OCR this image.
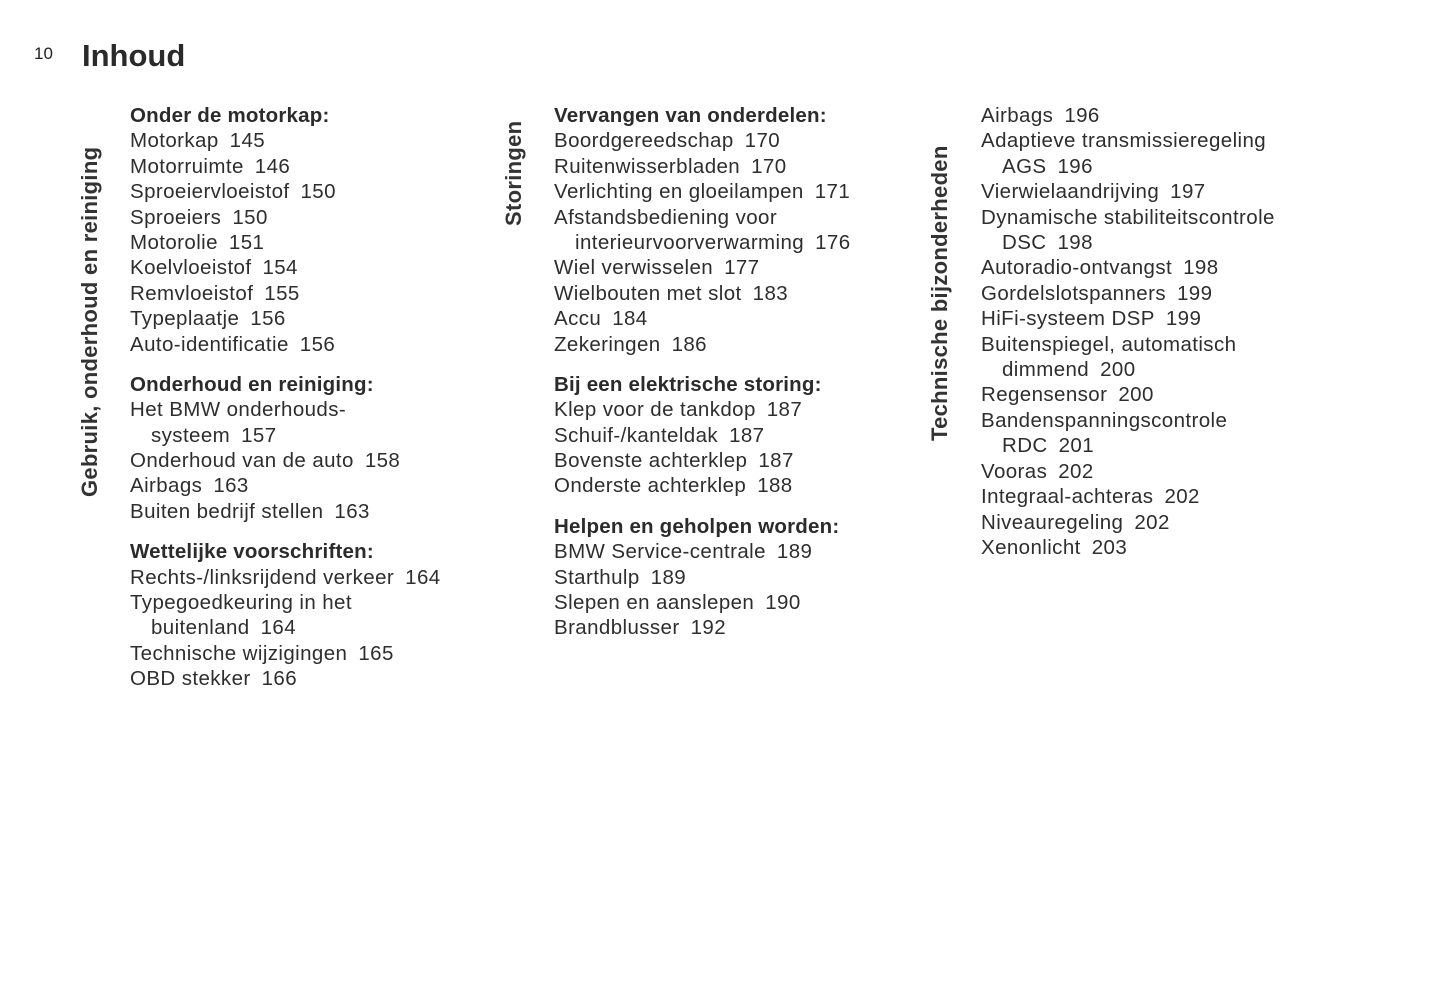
10 Inhoud
Gebruik, onderhoud en reiniging	Storingen	Technische bijzonderheden
Onder de motorkap:
Motorkap 145
Motorruimte 146
Sproeiervloeistof 150
Sproeiers 150
Motorolie 151
Koelvloeistof 154
Remvloeistof 155
Typeplaatje 156
Auto-identificatie 156
Onderhoud en reiniging:
Het BMW onderhouds-
systeem 157
Onderhoud van de auto 158
Airbags 163
Buiten bedrijf stellen 163
Wettelijke voorschriften:
Rechts-/linksrijdend verkeer 164
Typegoedkeuring in het
buitenland 164
Technische wijzigingen 165
OBD stekker 166
Vervangen van onderdelen:
Boordgereedschap 170
Ruitenwisserbladen 170
Verlichting en gloeilampen 171
Afstandsbediening voor
interieurvoorverwarming 176
Wiel verwisselen 177
Wielbouten met slot 183
Accu 184
Zekeringen 186
Bij een elektrische storing:
Klep voor de tankdop 187
Schuif-/kanteldak 187
Bovenste achterklep 187
Onderste achterklep 188
Helpen en geholpen worden:
BMW Service-centrale 189
Starthulp 189
Slepen en aanslepen 190
Brandblusser 192
Airbags 196
Adaptieve transmissieregeling
AGS 196
Vierwielaandrijving 197
Dynamische stabiliteitscontrole
DSC 198
Autoradio-ontvangst 198
Gordelslotspanners 199
HiFi-systeem DSP 199
Buitenspiegel, automatisch
dimmend 200
Regensensor 200
Bandenspanningscontrole
RDC 201
Vooras 202
Integraal-achteras 202
Niveauregeling 202
Xenonlicht 203
